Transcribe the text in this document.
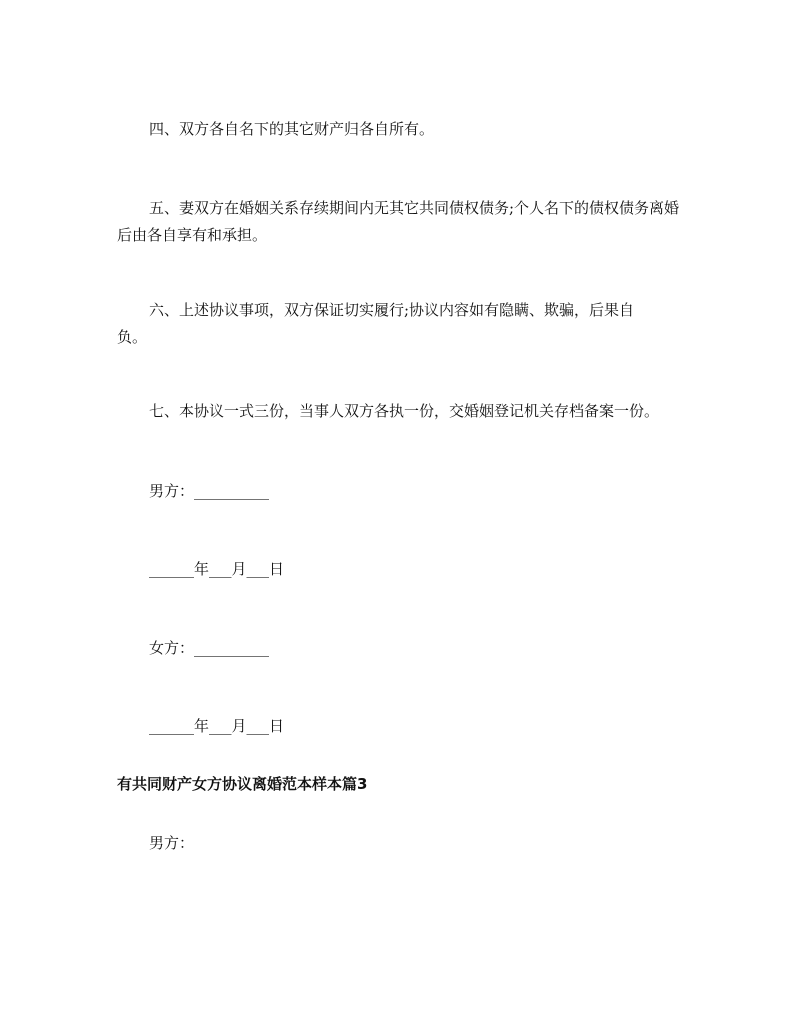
四、双方各自名下的其它财产归各自所有。

五、妻双方在婚姻关系存续期间内无其它共同债权债务;个人名下的债权债务离婚后由各自享有和承担。

六、上述协议事项，双方保证切实履行;协议内容如有隐瞒、欺骗，后果自负。

七、本协议一式三份，当事人双方各执一份，交婚姻登记机关存档备案一份。

男方：__________

______年___月___日

女方：__________

______年___月___日

有共同财产女方协议离婚范本样本篇3

男方：
